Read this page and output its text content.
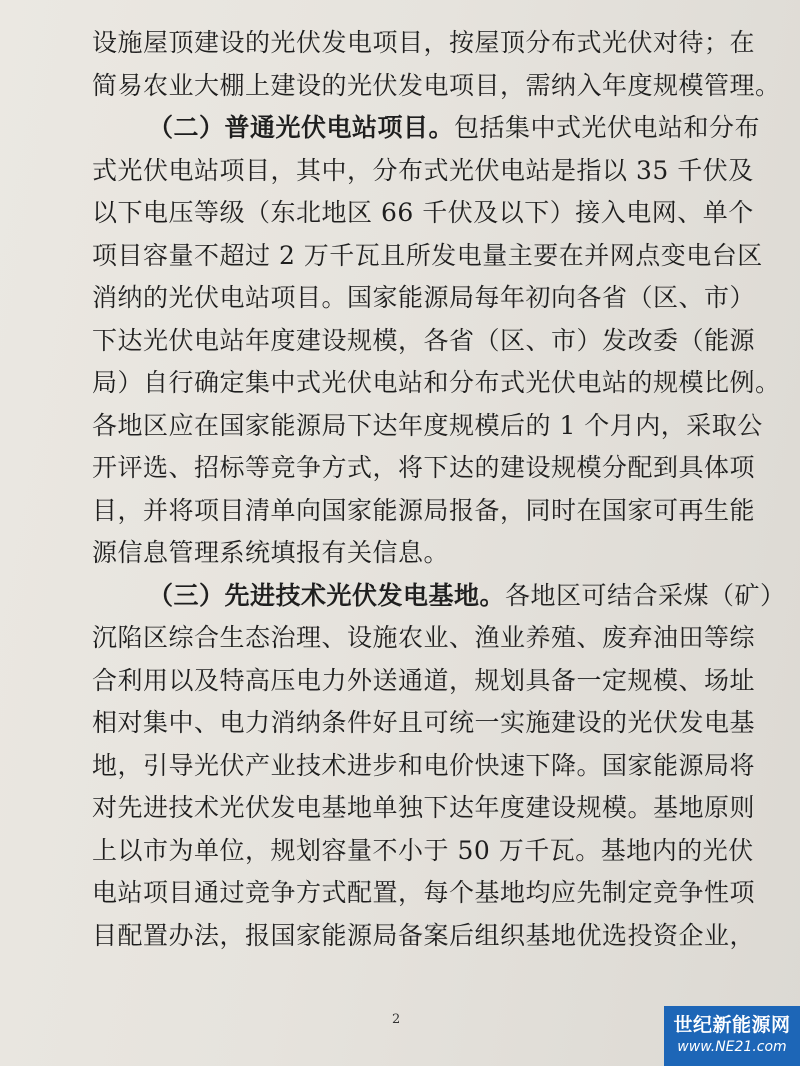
设施屋顶建设的光伏发电项目，按屋顶分布式光伏对待；在
简易农业大棚上建设的光伏发电项目，需纳入年度规模管理。
（二）普通光伏电站项目。包括集中式光伏电站和分布
式光伏电站项目，其中，分布式光伏电站是指以 35 千伏及
以下电压等级（东北地区 66 千伏及以下）接入电网、单个
项目容量不超过 2 万千瓦且所发电量主要在并网点变电台区
消纳的光伏电站项目。国家能源局每年初向各省（区、市）
下达光伏电站年度建设规模，各省（区、市）发改委（能源
局）自行确定集中式光伏电站和分布式光伏电站的规模比例。
各地区应在国家能源局下达年度规模后的 1 个月内，采取公
开评选、招标等竞争方式，将下达的建设规模分配到具体项
目，并将项目清单向国家能源局报备，同时在国家可再生能
源信息管理系统填报有关信息。
（三）先进技术光伏发电基地。各地区可结合采煤（矿）
沉陷区综合生态治理、设施农业、渔业养殖、废弃油田等综
合利用以及特高压电力外送通道，规划具备一定规模、场址
相对集中、电力消纳条件好且可统一实施建设的光伏发电基
地，引导光伏产业技术进步和电价快速下降。国家能源局将
对先进技术光伏发电基地单独下达年度建设规模。基地原则
上以市为单位，规划容量不小于 50 万千瓦。基地内的光伏
电站项目通过竞争方式配置，每个基地均应先制定竞争性项
目配置办法，报国家能源局备案后组织基地优选投资企业，
2	世纪新能源网
www.NE21.com
